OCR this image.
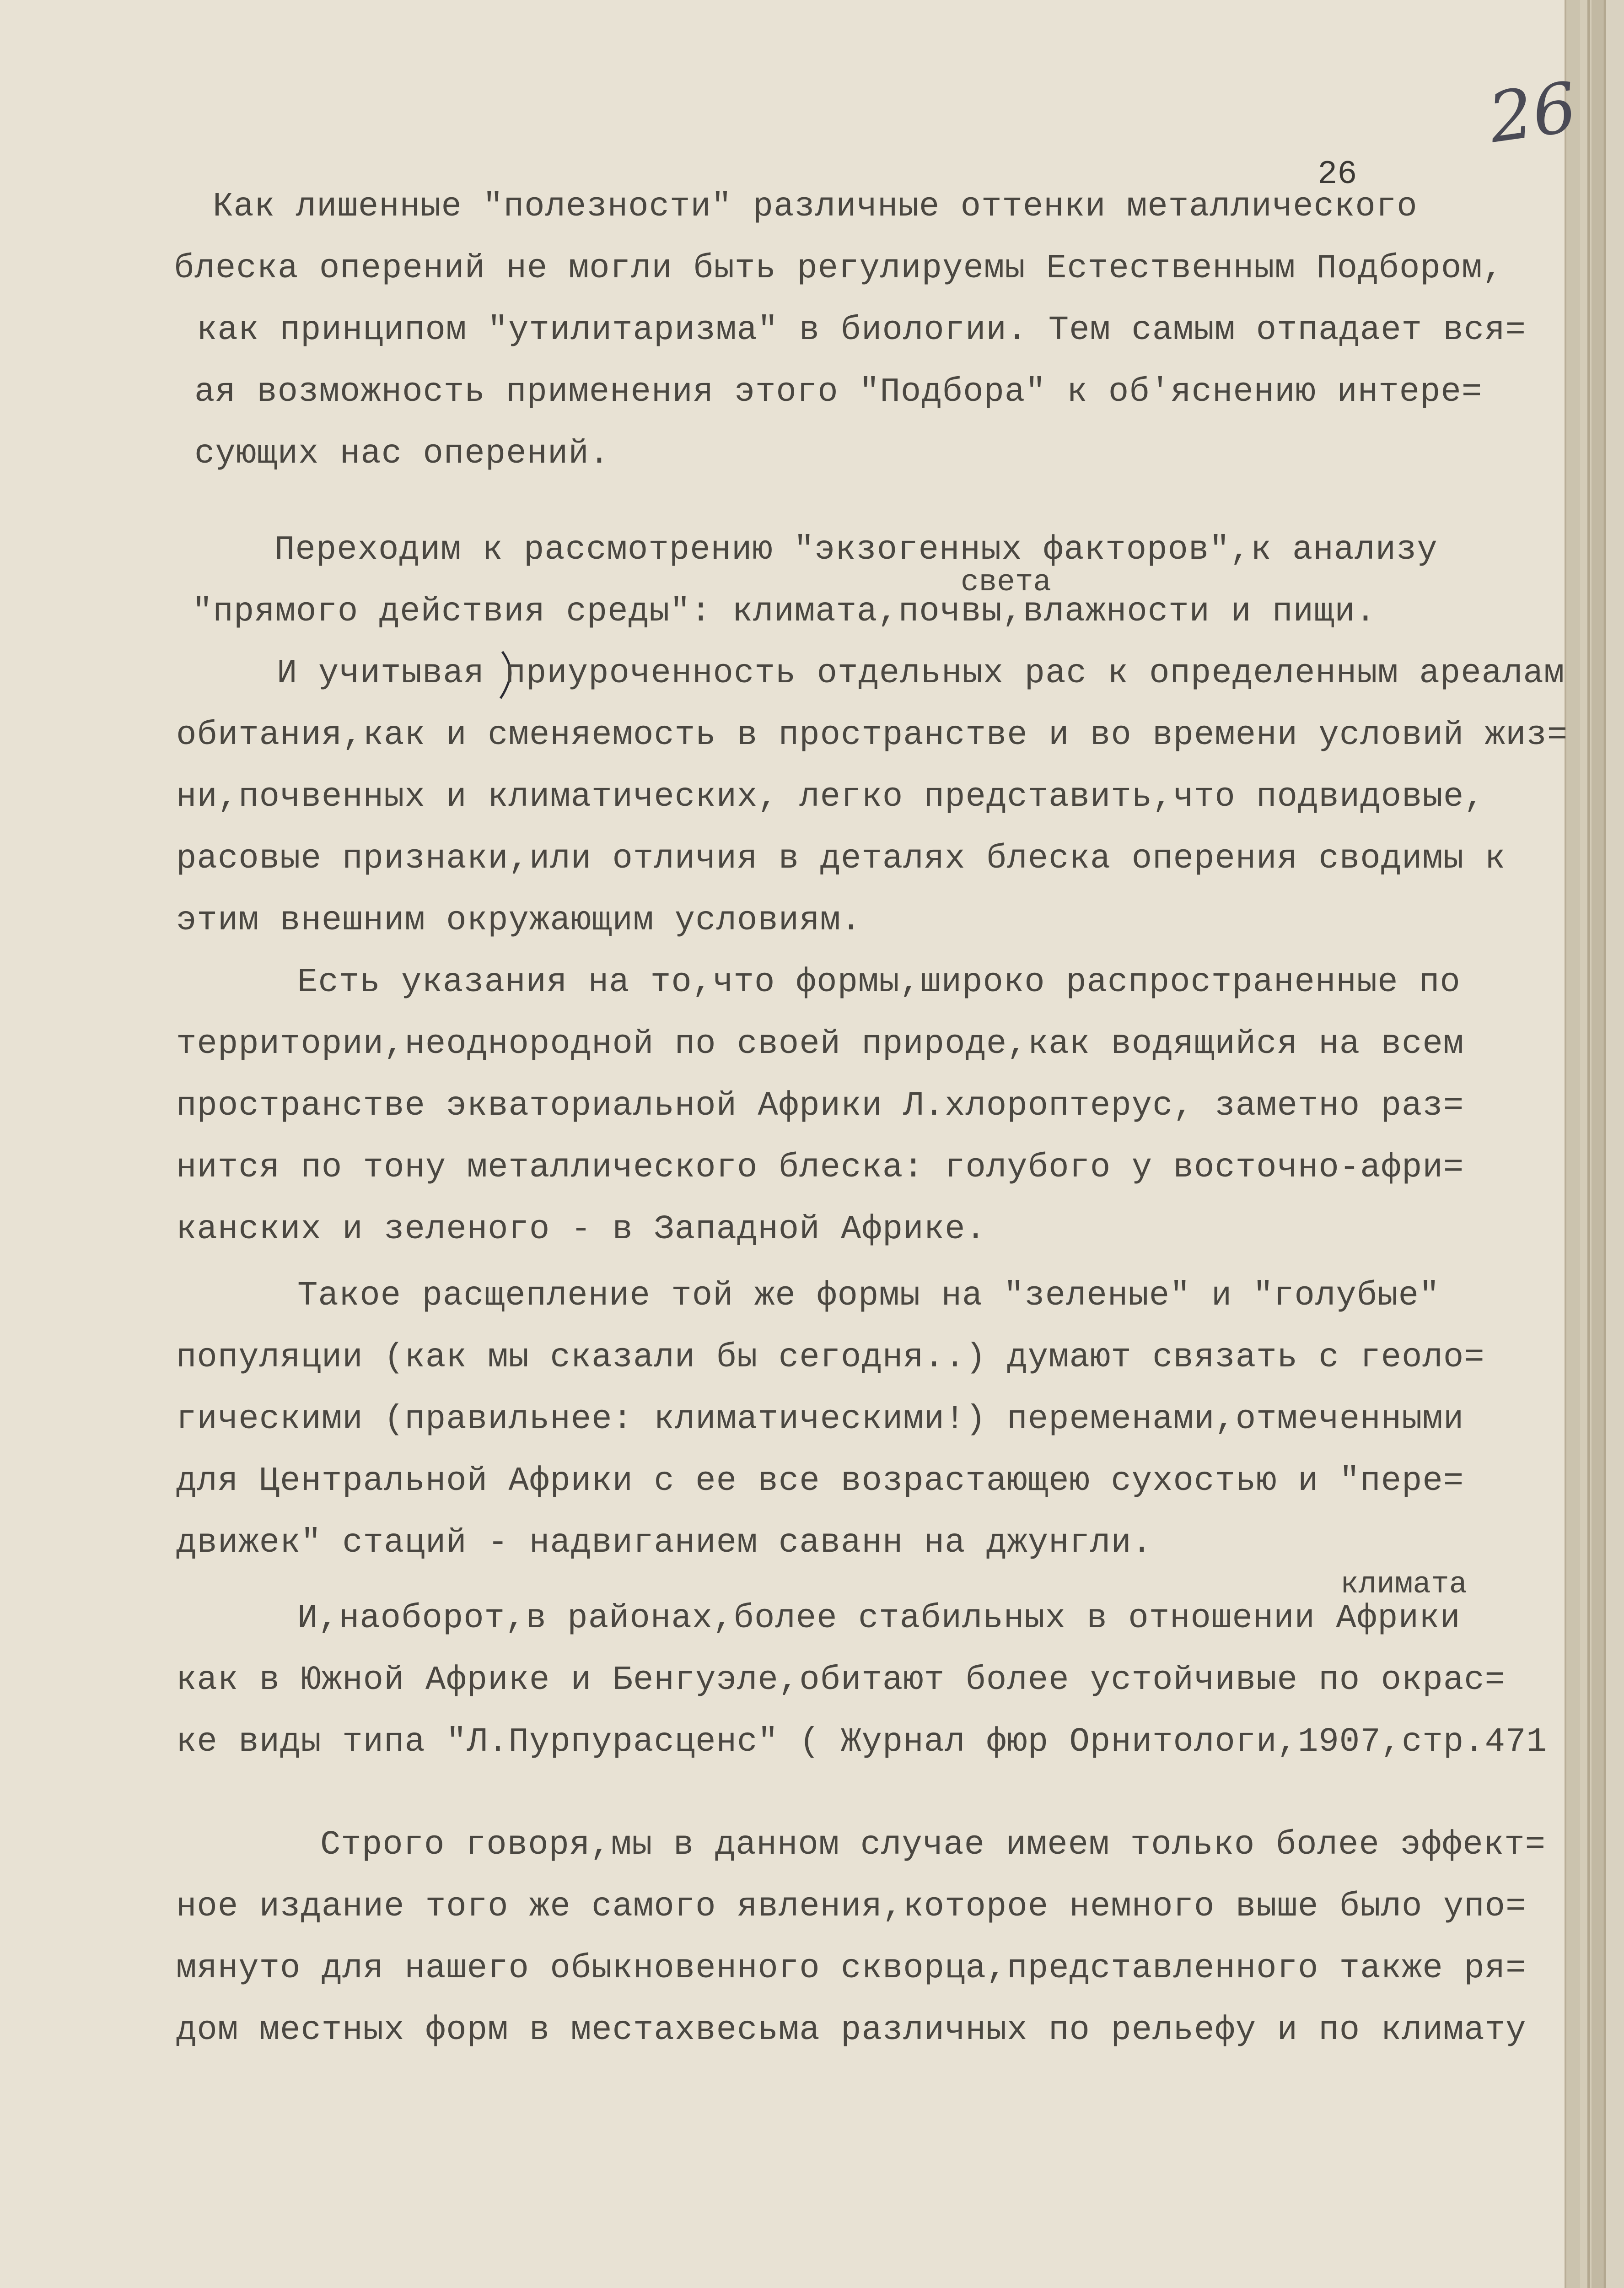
26
26
света
климата
Как лишенные "полезности" различные оттенки металлического
блеска оперений не могли быть регулируемы Естественным Подбором,
как принципом "утилитаризма" в биологии. Тем самым отпадает вся=
ая возможность применения этого "Подбора" к об'яснению интере=
сующих нас оперений.
Переходим к рассмотрению "экзогенных факторов",к анализу
"прямого действия среды": климата,почвы,влажности и пищи.
И учитывая приуроченность отдельных рас к определенным ареалам
обитания,как и сменяемость в пространстве и во времени условий жиз=
ни,почвенных и климатических, легко представить,что подвидовые,
расовые признаки,или отличия в деталях блеска оперения сводимы к
этим внешним окружающим условиям.
Есть указания на то,что формы,широко распространенные по
территории,неоднородной по своей природе,как водящийся на всем
пространстве экваториальной Африки Л.хлороптерус, заметно раз=
нится по тону металлического блеска: голубого у восточно-афри=
канских и зеленого - в Западной Африке.
Такое расщепление той же формы на "зеленые" и "голубые"
популяции (как мы сказали бы сегодня..) думают связать с геоло=
гическими (правильнее: климатическими!) переменами,отмеченными
для Центральной Африки с ее все возрастающею сухостью и "пере=
движек" стаций - надвиганием саванн на джунгли.
И,наоборот,в районах,более стабильных в отношении Африки
как в Южной Африке и Бенгуэле,обитают более устойчивые по окрас=
ке виды типа "Л.Пурпурасценс" ( Журнал фюр Орнитологи,1907,стр.471
Строго говоря,мы в данном случае имеем только более эффект=
ное издание того же самого явления,которое немного выше было упо=
мянуто для нашего обыкновенного скворца,представленного также ря=
дом местных форм в местахвесьма различных по рельефу и по климату
